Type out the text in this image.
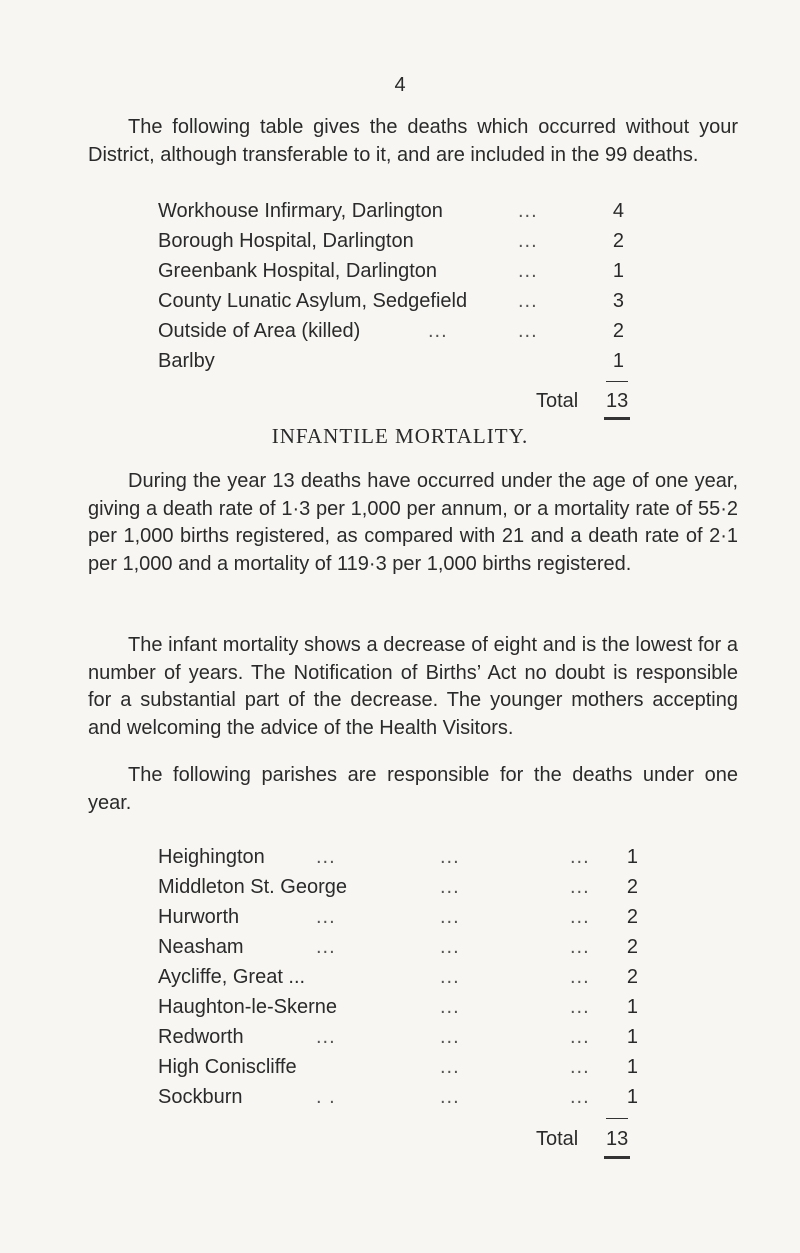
4

The following table gives the deaths which occurred without your District, although transferable to it, and are included in the 99 deaths.

Workhouse Infirmary, Darlington	...	4
Borough Hospital, Darlington	...	2
Greenbank Hospital, Darlington	...	1
County Lunatic Asylum, Sedgefield	...	3
Outside of Area (killed)	...	...	2
Barlby	1
Total 13
INFANTILE MORTALITY.

During the year 13 deaths have occurred under the age of one year, giving a death rate of 1·3 per 1,000 per annum, or a mortality rate of 55·2 per 1,000 births registered, as compared with 21 and a death rate of 2·1 per 1,000 and a mortality of 119·3 per 1,000 births registered.

The infant mortality shows a decrease of eight and is the lowest for a number of years. The Notification of Births’ Act no doubt is responsible for a substantial part of the decrease. The younger mothers accepting and welcoming the advice of the Health Visitors.

The following parishes are responsible for the deaths under one year.

Heighington	...	...	...	1
Middleton St. George	...	...	2
Hurworth	...	...	...	2
Neasham	...	...	...	2
Aycliffe, Great ...	...	...	2
Haughton-le-Skerne	...	...	1
Redworth	...	...	...	1
High Coniscliffe	...	...	1
Sockburn	. .	...	...	1
Total 13
